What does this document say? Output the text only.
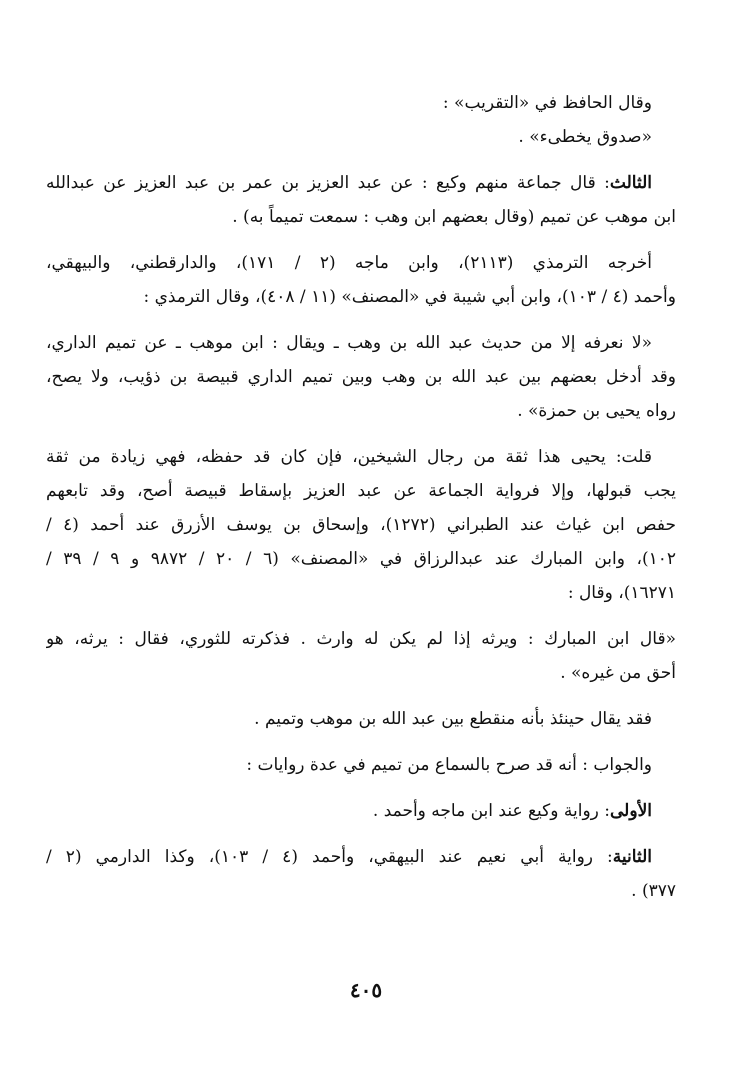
وقال الحافظ في «التقريب» :
«صدوق يخطىء» .
الثالث: قال جماعة منهم وكيع : عن عبد العزيز بن عمر بن عبد العزيز عن عبدالله
ابن موهب عن تميم (وقال بعضهم ابن وهب : سمعت تميماً به) .
أخرجه الترمذي (٢١١٣)، وابن ماجه (٢ / ١٧١)، والدارقطني، والبيهقي،
وأحمد (٤ / ١٠٣)، وابن أبي شيبة في «المصنف» (١١ / ٤٠٨)، وقال الترمذي :
«لا نعرفه إلا من حديث عبد الله بن وهب ـ ويقال : ابن موهب ـ عن تميم الداري،
وقد أدخل بعضهم بين عبد الله بن وهب وبين تميم الداري قبيصة بن ذؤيب، ولا يصح،
رواه يحيى بن حمزة» .
قلت: يحيى هذا ثقة من رجال الشيخين، فإن كان قد حفظه، فهي زيادة من ثقة
يجب قبولها، وإلا فرواية الجماعة عن عبد العزيز بإسقاط قبيصة أصح، وقد تابعهم
حفص ابن غياث عند الطبراني (١٢٧٢)، وإسحاق بن يوسف الأزرق عند أحمد (٤ /
١٠٢)، وابن المبارك عند عبدالرزاق في «المصنف» (٦ / ٢٠ / ٩٨٧٢ و ٩ / ٣٩ /
١٦٢٧١)، وقال :
«قال ابن المبارك : ويرثه إذا لم يكن له وارث . فذكرته للثوري، فقال : يرثه، هو
أحق من غيره» .
فقد يقال حينئذ بأنه منقطع بين عبد الله بن موهب وتميم .
والجواب : أنه قد صرح بالسماع من تميم في عدة روايات :
الأولى: رواية وكيع عند ابن ماجه وأحمد .
الثانية: رواية أبي نعيم عند البيهقي، وأحمد (٤ / ١٠٣)، وكذا الدارمي (٢ /
٣٧٧) .
٤٠٥
